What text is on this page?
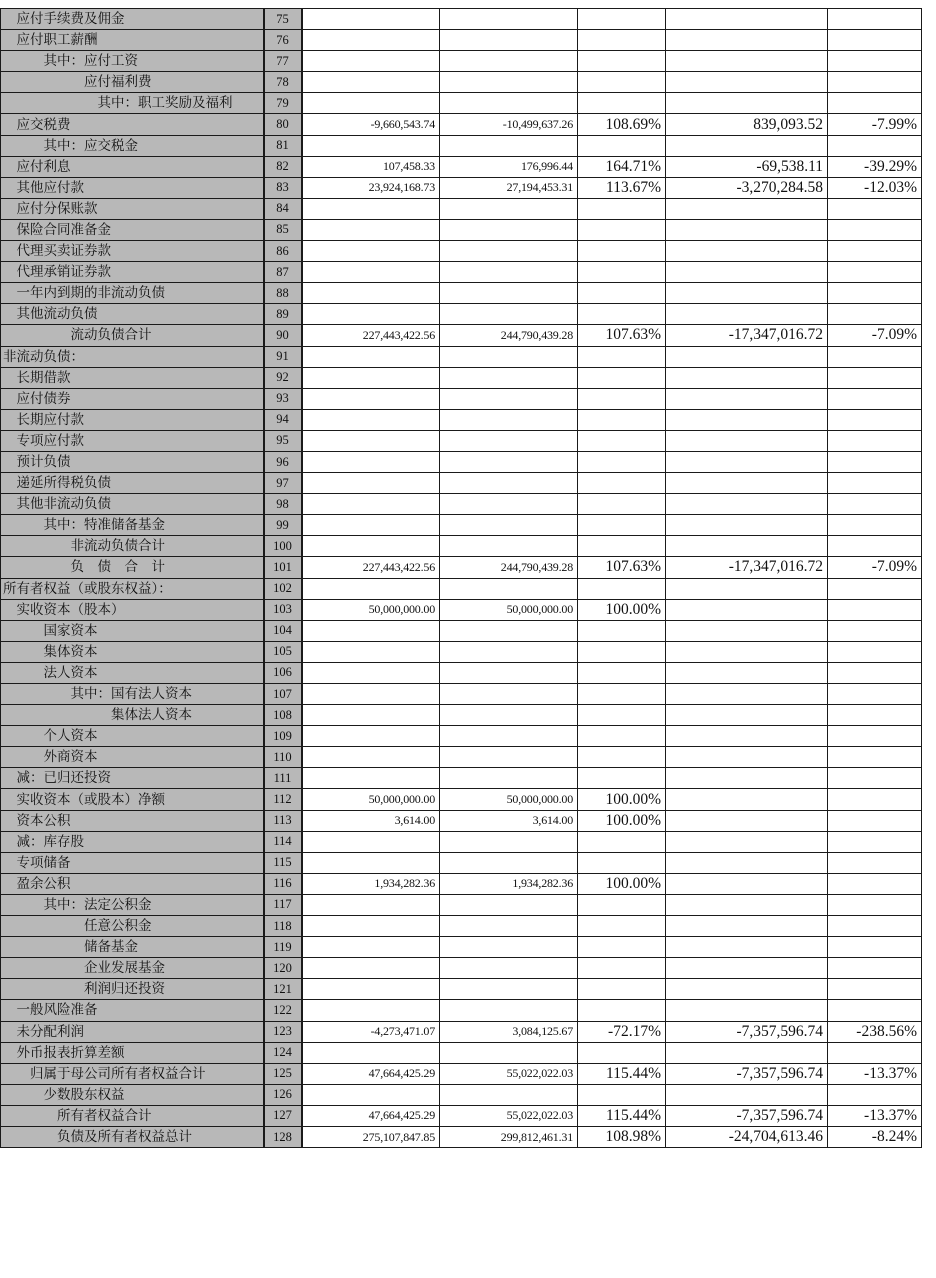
应付手续费及佣金	75					
应付职工薪酬	76					
其中：应付工资	77					
应付福利费	78					
其中：职工奖励及福利	79					
应交税费	80	-9,660,543.74	-10,499,637.26	108.69%	839,093.52	-7.99%
其中：应交税金	81					
应付利息	82	107,458.33	176,996.44	164.71%	-69,538.11	-39.29%
其他应付款	83	23,924,168.73	27,194,453.31	113.67%	-3,270,284.58	-12.03%
应付分保账款	84					
保险合同准备金	85					
代理买卖证券款	86					
代理承销证券款	87					
一年内到期的非流动负债	88					
其他流动负债	89					
流动负债合计	90	227,443,422.56	244,790,439.28	107.63%	-17,347,016.72	-7.09%
非流动负债：	91					
长期借款	92					
应付债券	93					
长期应付款	94					
专项应付款	95					
预计负债	96					
递延所得税负债	97					
其他非流动负债	98					
其中：特准储备基金	99					
非流动负债合计	100					
负　债　合　计	101	227,443,422.56	244,790,439.28	107.63%	-17,347,016.72	-7.09%
所有者权益（或股东权益）：	102					
实收资本（股本）	103	50,000,000.00	50,000,000.00	100.00%		
国家资本	104					
集体资本	105					
法人资本	106					
其中：国有法人资本	107					
集体法人资本	108					
个人资本	109					
外商资本	110					
减：已归还投资	111					
实收资本（或股本）净额	112	50,000,000.00	50,000,000.00	100.00%		
资本公积	113	3,614.00	3,614.00	100.00%		
减：库存股	114					
专项储备	115					
盈余公积	116	1,934,282.36	1,934,282.36	100.00%		
其中：法定公积金	117					
任意公积金	118					
储备基金	119					
企业发展基金	120					
利润归还投资	121					
一般风险准备	122					
未分配利润	123	-4,273,471.07	3,084,125.67	-72.17%	-7,357,596.74	-238.56%
外币报表折算差额	124					
归属于母公司所有者权益合计	125	47,664,425.29	55,022,022.03	115.44%	-7,357,596.74	-13.37%
少数股东权益	126					
所有者权益合计	127	47,664,425.29	55,022,022.03	115.44%	-7,357,596.74	-13.37%
负债及所有者权益总计	128	275,107,847.85	299,812,461.31	108.98%	-24,704,613.46	-8.24%
